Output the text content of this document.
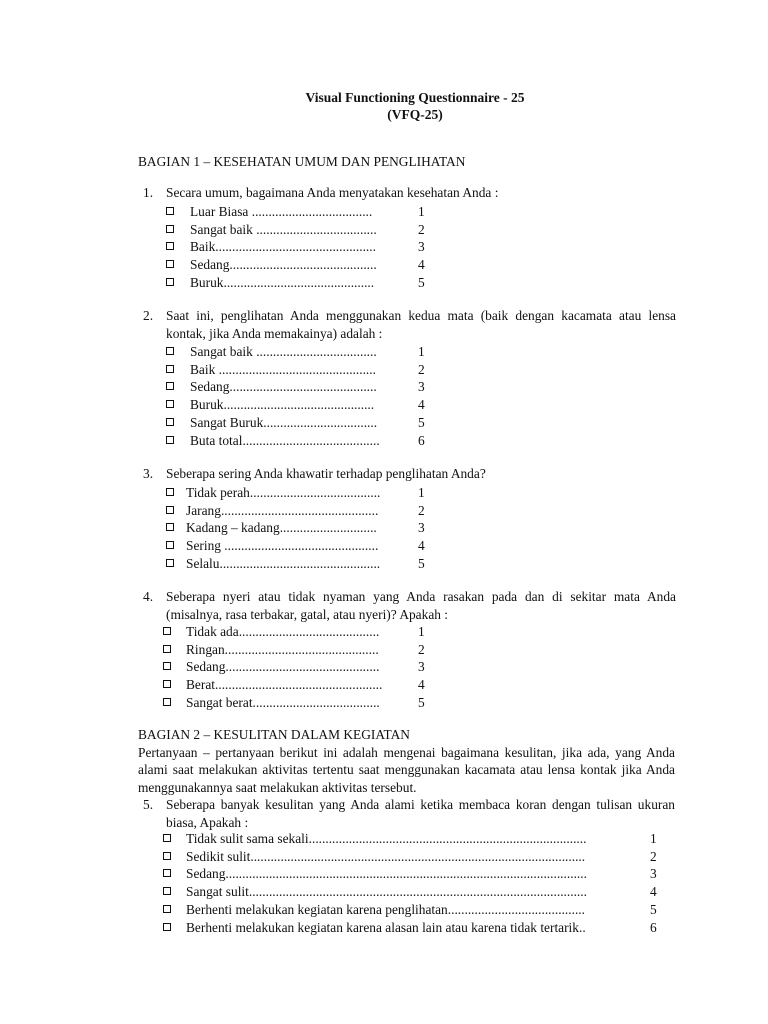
Visual Functioning Questionnaire - 25
(VFQ-25)
BAGIAN 1 – KESEHATAN UMUM DAN PENGLIHATAN
1. Secara umum, bagaimana Anda menyatakan kesehatan Anda :
Luar Biasa ....................................	1
Sangat baik ....................................	2
Baik................................................	3
Sedang............................................	4
Buruk.............................................	5
2. Saat ini, penglihatan Anda menggunakan kedua mata (baik dengan kacamata atau lensa kontak, jika Anda memakainya) adalah :
Sangat baik ....................................	1
Baik ...............................................	2
Sedang............................................	3
Buruk.............................................	4
Sangat Buruk..................................	5
Buta total.........................................	6
3. Seberapa sering Anda khawatir terhadap penglihatan Anda?
Tidak perah.......................................	1
Jarang...............................................	2
Kadang – kadang.............................	3
Sering ..............................................	4
Selalu................................................	5
4. Seberapa nyeri atau tidak nyaman yang Anda rasakan pada dan di sekitar mata Anda (misalnya, rasa terbakar, gatal, atau nyeri)? Apakah :
Tidak ada..........................................	1
Ringan..............................................	2
Sedang..............................................	3
Berat..................................................	4
Sangat berat......................................	5
BAGIAN 2 – KESULITAN DALAM KEGIATAN
Pertanyaan – pertanyaan berikut ini adalah mengenai bagaimana kesulitan, jika ada, yang Anda alami saat melakukan aktivitas tertentu saat menggunakan kacamata atau lensa kontak jika Anda menggunakannya saat melakukan aktivitas tersebut.
5. Seberapa banyak kesulitan yang Anda alami ketika membaca koran dengan tulisan ukuran biasa, Apakah :
Tidak sulit sama sekali...................................................................................	1
Sedikit sulit....................................................................................................	2
Sedang............................................................................................................	3
Sangat sulit.....................................................................................................	4
Berhenti melakukan kegiatan karena penglihatan.........................................	5
Berhenti melakukan kegiatan karena alasan lain atau karena tidak tertarik..	6
